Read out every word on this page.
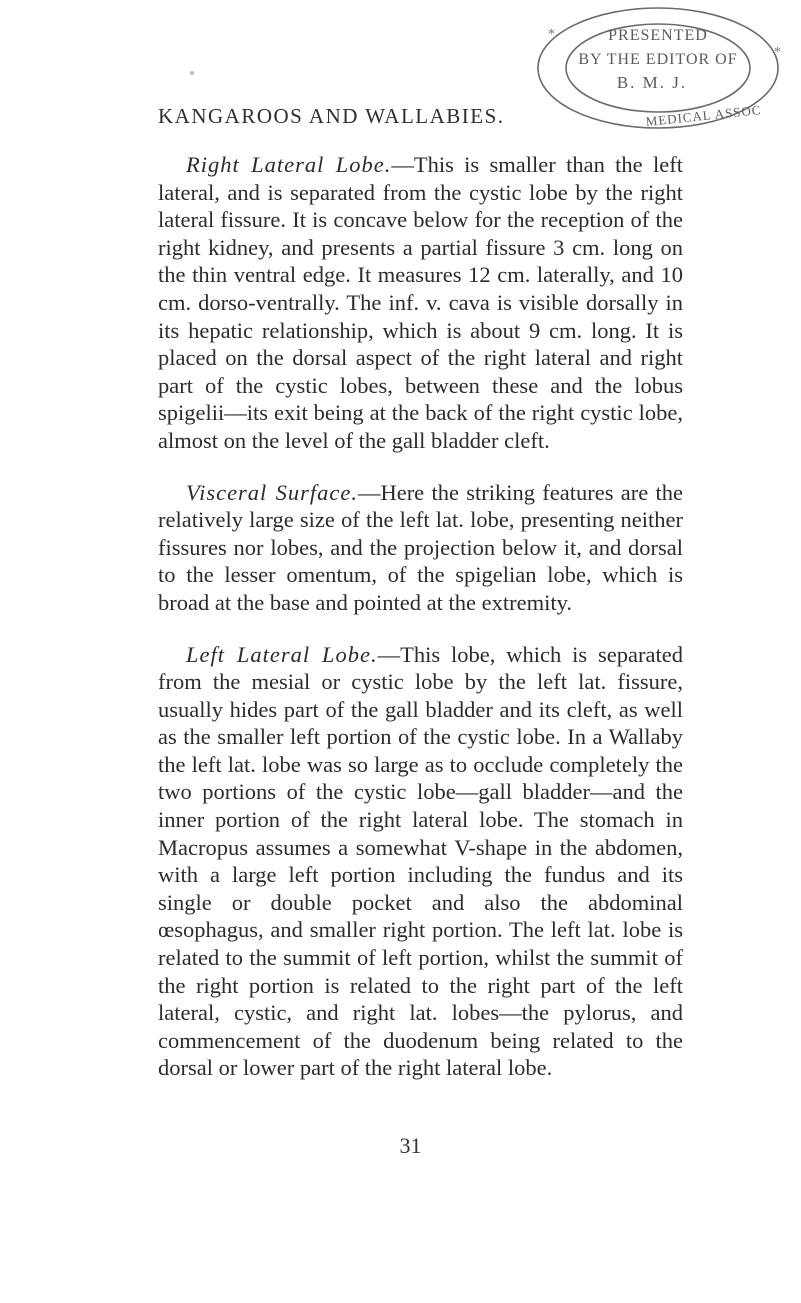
KANGAROOS AND WALLABIES.
PRESENTED
BY THE EDITOR OF
B. M. J.
MEDICAL ASSOC
*
*

Right Lateral Lobe.—This is smaller than the left lateral, and is separated from the cystic lobe by the right lateral fissure. It is concave below for the reception of the right kidney, and presents a partial fissure 3 cm. long on the thin ventral edge. It measures 12 cm. laterally, and 10 cm. dorso-ventrally. The inf. v. cava is visible dorsally in its hepatic relationship, which is about 9 cm. long. It is placed on the dorsal aspect of the right lateral and right part of the cystic lobes, between these and the lobus spigelii—its exit being at the back of the right cystic lobe, almost on the level of the gall bladder cleft.

Visceral Surface.—Here the striking features are the relatively large size of the left lat. lobe, presenting neither fissures nor lobes, and the projection below it, and dorsal to the lesser omentum, of the spigelian lobe, which is broad at the base and pointed at the extremity.

Left Lateral Lobe.—This lobe, which is separated from the mesial or cystic lobe by the left lat. fissure, usually hides part of the gall bladder and its cleft, as well as the smaller left portion of the cystic lobe. In a Wallaby the left lat. lobe was so large as to occlude completely the two portions of the cystic lobe—gall bladder—and the inner portion of the right lateral lobe. The stomach in Macropus assumes a somewhat V-shape in the abdomen, with a large left portion including the fundus and its single or double pocket and also the abdominal œsophagus, and smaller right portion. The left lat. lobe is related to the summit of left portion, whilst the summit of the right portion is related to the right part of the left lateral, cystic, and right lat. lobes—the pylorus, and commencement of the duodenum being related to the dorsal or lower part of the right lateral lobe.

31
